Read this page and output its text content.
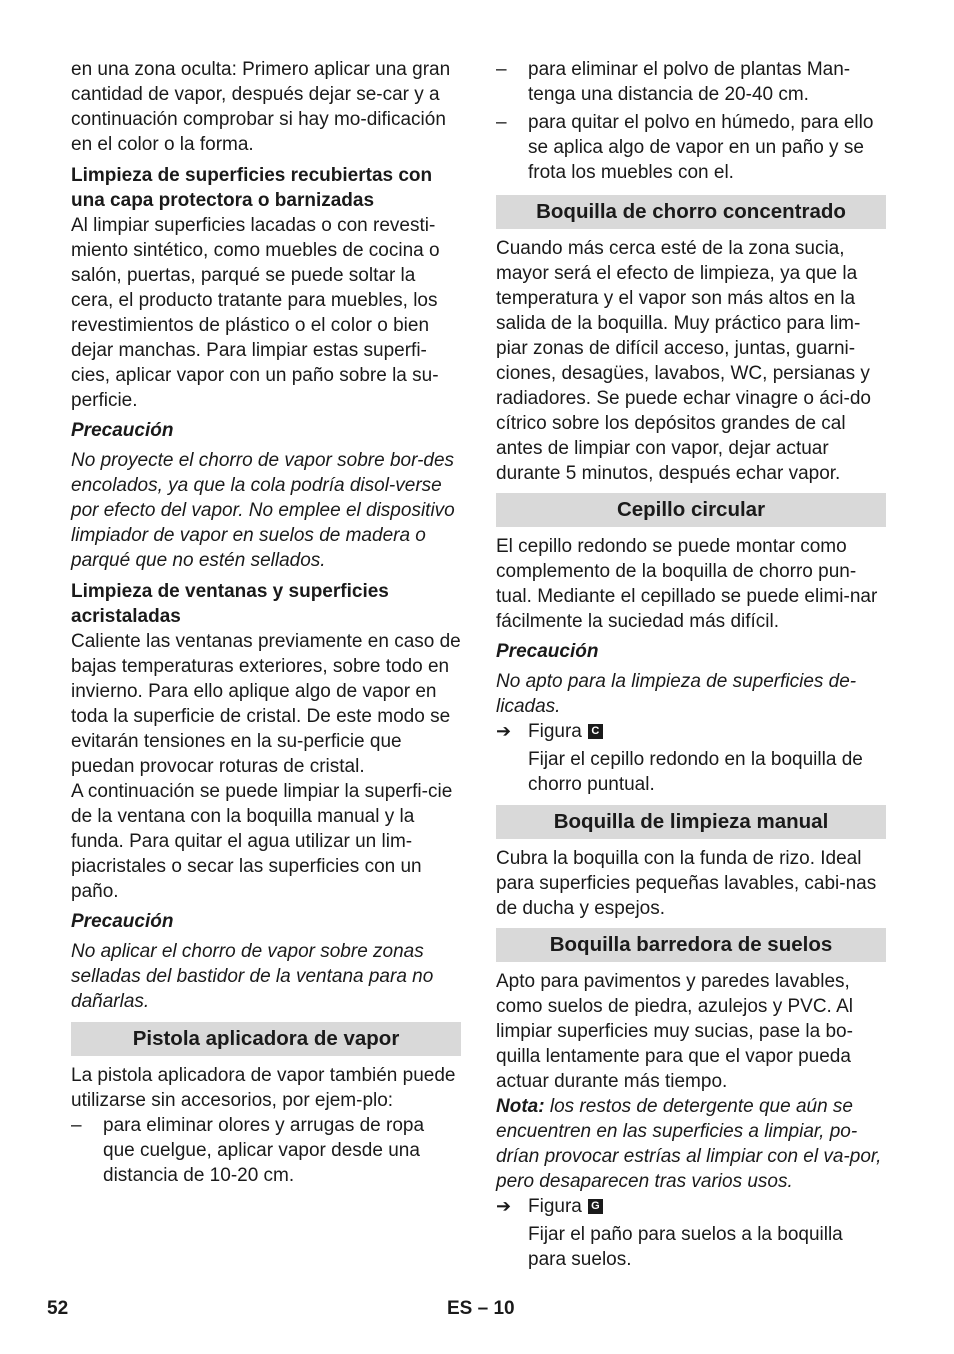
en una zona oculta: Primero aplicar una gran cantidad de vapor, después dejar se-car y a continuación comprobar si hay mo-dificación en el color o la forma.

Limpieza de superficies recubiertas con una capa protectora o barnizadas

Al limpiar superficies lacadas o con revesti-miento sintético, como muebles de cocina o salón, puertas, parqué se puede soltar la cera, el producto tratante para muebles, los revestimientos de plástico o el color o bien dejar manchas. Para limpiar estas superfi-cies, aplicar vapor con un paño sobre la su-perficie.

Precaución

No proyecte el chorro de vapor sobre bor-des encolados, ya que la cola podría disol-verse por efecto del vapor. No emplee el dispositivo limpiador de vapor en suelos de madera o parqué que no estén sellados.

Limpieza de ventanas y superficies acristaladas

Caliente las ventanas previamente en caso de bajas temperaturas exteriores, sobre todo en invierno. Para ello aplique algo de vapor en toda la superficie de cristal. De este modo se evitarán tensiones en la su-perficie que puedan provocar roturas de cristal.

A continuación se puede limpiar la superfi-cie de la ventana con la boquilla manual y la funda. Para quitar el agua utilizar un lim-piacristales o secar las superficies con un paño.

Precaución

No aplicar el chorro de vapor sobre zonas selladas del bastidor de la ventana para no dañarlas.

Pistola aplicadora de vapor

La pistola aplicadora de vapor también puede utilizarse sin accesorios, por ejem-plo:

–	para eliminar olores y arrugas de ropa que cuelgue, aplicar vapor desde una distancia de 10-20 cm.
–	para eliminar el polvo de plantas Man-tenga una distancia de 20-40 cm.
–	para quitar el polvo en húmedo, para ello se aplica algo de vapor en un paño y se frota los muebles con el.
Boquilla de chorro concentrado

Cuando más cerca esté de la zona sucia, mayor será el efecto de limpieza, ya que la temperatura y el vapor son más altos en la salida de la boquilla. Muy práctico para lim-piar zonas de difícil acceso, juntas, guarni-ciones, desagües, lavabos, WC, persianas y radiadores. Se puede echar vinagre o áci-do cítrico sobre los depósitos grandes de cal antes de limpiar con vapor, dejar actuar durante 5 minutos, después echar vapor.

Cepillo circular

El cepillo redondo se puede montar como complemento de la boquilla de chorro pun-tual. Mediante el cepillado se puede elimi-nar fácilmente la suciedad más difícil.

Precaución

No apto para la limpieza de superficies de-licadas.

➔ Figura C

Fijar el cepillo redondo en la boquilla de chorro puntual.

Boquilla de limpieza manual

Cubra la boquilla con la funda de rizo. Ideal para superficies pequeñas lavables, cabi-nas de ducha y espejos.

Boquilla barredora de suelos

Apto para pavimentos y paredes lavables, como suelos de piedra, azulejos y PVC. Al limpiar superficies muy sucias, pase la bo-quilla lentamente para que el vapor pueda actuar durante más tiempo.

Nota: los restos de detergente que aún se encuentren en las superficies a limpiar, po-drían provocar estrías al limpiar con el va-por, pero desaparecen tras varios usos.

➔ Figura G

Fijar el paño para suelos a la boquilla para suelos.

52	ES – 10
